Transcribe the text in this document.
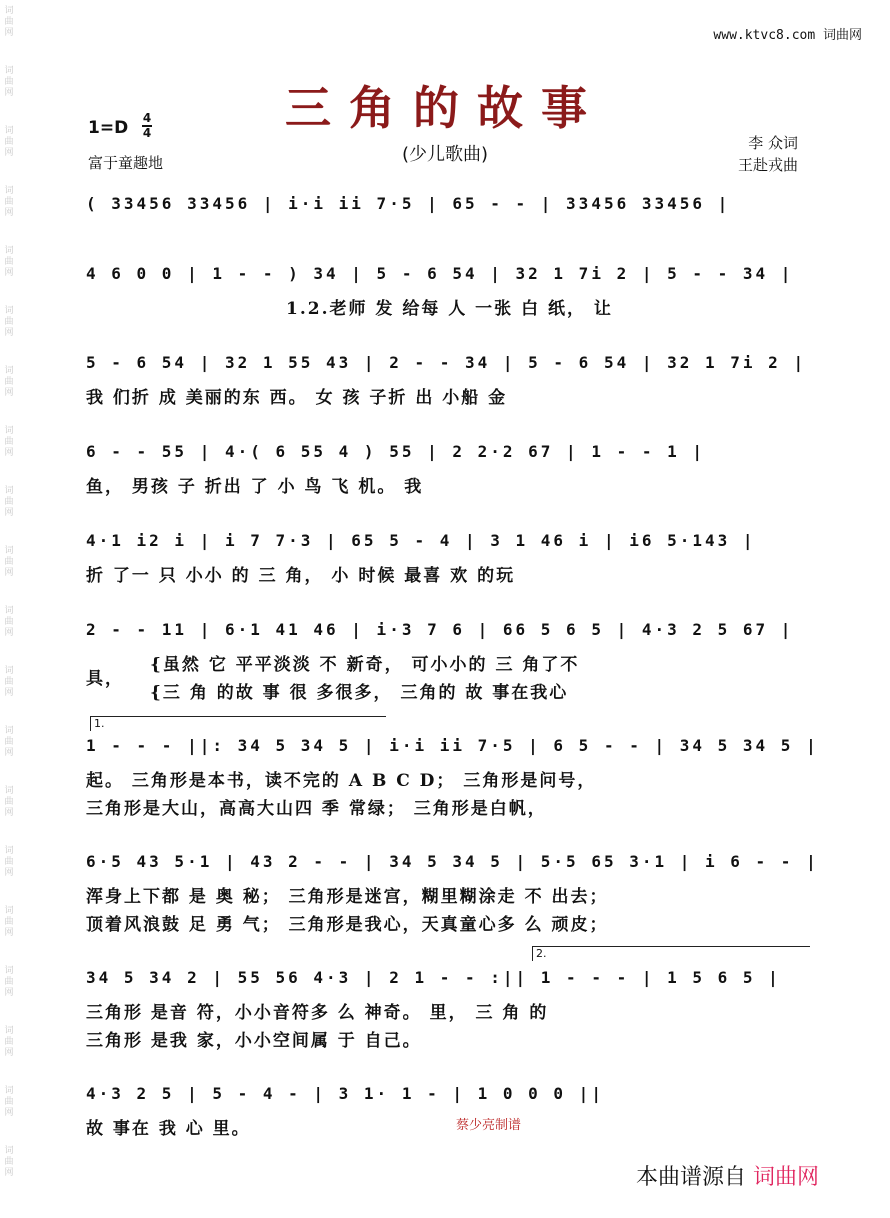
词
曲
网
词
曲
网
词
曲
网
词
曲
网
词
曲
网
词
曲
网
词
曲
网
词
曲
网
词
曲
网
词
曲
网
词
曲
网
词
曲
网
词
曲
网
词
曲
网
词
曲
网
词
曲
网
词
曲
网
词
曲
网
词
曲
网
词
曲
网
www.ktvc8.com 词曲网
三角的故事
(少儿歌曲)
1=D 4
4
富于童趣地
李 众词
王赴戎曲
( 33456 33456 | i·i ii 7·5 | 65 - - | 33456 33456 |
4 6 0 0 | 1 - - ) 34 | 5 - 6 54 | 32 1 7i 2 | 5 - - 34 |
1.2.老师 发 给每 人 一张 白 纸， 让
5 - 6 54 | 32 1 55 43 | 2 - - 34 | 5 - 6 54 | 32 1 7i 2 |
我 们折 成 美丽的东 西。 女 孩 子折 出 小船 金
6 - - 55 | 4·( 6 55 4 ) 55 | 2 2·2 67 | 1 - - 1 |
鱼， 男孩 子 折出 了 小 鸟 飞 机。 我
4·1 i2 i | i 7 7·3 | 65 5 - 4 | 3 1 46 i | i6 5·143 |
折 了一 只 小小 的 三 角， 小 时候 最喜 欢 的玩
2 - - 11 | 6·1 41 46 | i·3 7 6 | 66 5 6 5 | 4·3 2 5 67 |
具，
{虽然 它 平平淡淡 不 新奇， 可小小的 三 角了不
{三 角 的故 事 很 多很多， 三角的 故 事在我心
1.
1 - - - ||: 34 5 34 5 | i·i ii 7·5 | 6 5 - - | 34 5 34 5 |
起。 三角形是本书，读不完的 A B C D； 三角形是问号，
三角形是大山，高高大山四 季 常绿； 三角形是白帆，
6·5 43 5·1 | 43 2 - - | 34 5 34 5 | 5·5 65 3·1 | i 6 - - |
浑身上下都 是 奥 秘； 三角形是迷宫，糊里糊涂走 不 出去；
顶着风浪鼓 足 勇 气； 三角形是我心，天真童心多 么 顽皮；
2.
34 5 34 2 | 55 56 4·3 | 2 1 - - :|| 1 - - - | 1 5 6 5 |
三角形 是音 符，小小音符多 么 神奇。 里， 三 角 的
三角形 是我 家，小小空间属 于 自己。
4·3 2 5 | 5 - 4 - | 3 1· 1 - | 1 0 0 0 ||
故 事在 我 心 里。	蔡少亮制谱
本曲谱源自 词曲网
